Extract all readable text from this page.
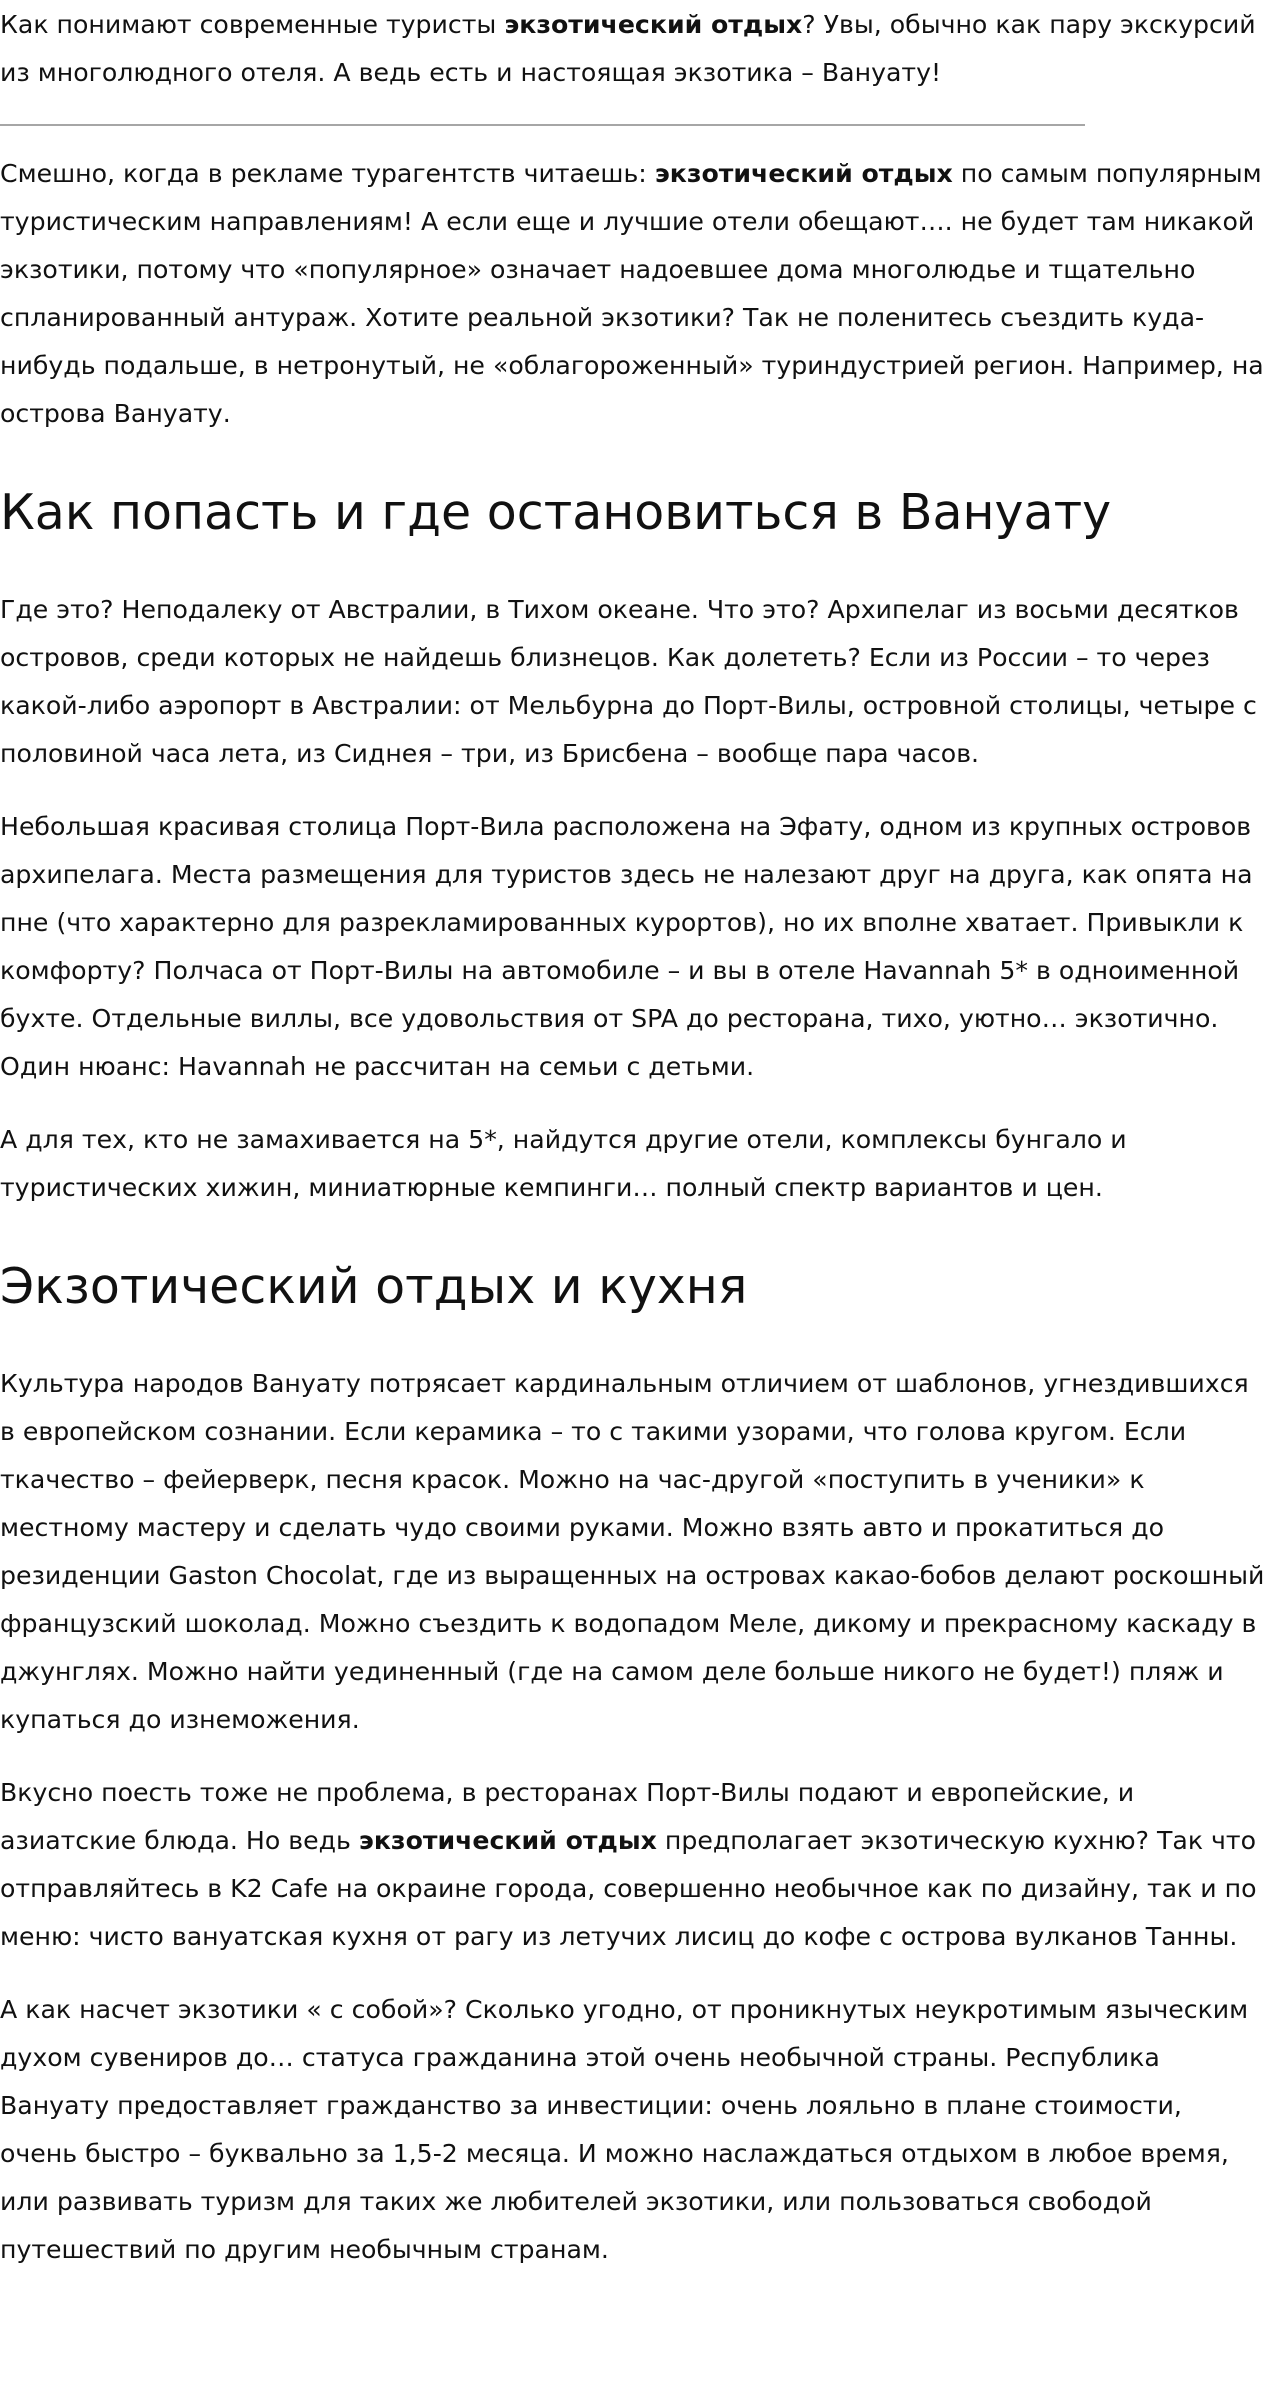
Как понимают современные туристы экзотический отдых? Увы, обычно как пару экскурсий из многолюдного отеля. А ведь есть и настоящая экзотика – Вануату!

Смешно, когда в рекламе турагентств читаешь: экзотический отдых по самым популярным туристическим направлениям! А если еще и лучшие отели обещают…. не будет там никакой экзотики, потому что «популярное» означает надоевшее дома многолюдье и тщательно спланированный антураж. Хотите реальной экзотики? Так не поленитесь съездить куда-нибудь подальше, в нетронутый, не «облагороженный» туриндустрией регион. Например, на острова Вануату.

Как попасть и где остановиться в Вануату

Где это? Неподалеку от Австралии, в Тихом океане. Что это? Архипелаг из восьми десятков островов, среди которых не найдешь близнецов. Как долететь? Если из России – то через какой-либо аэропорт в Австралии: от Мельбурна до Порт-Вилы, островной столицы, четыре с половиной часа лета, из Сиднея – три, из Брисбена – вообще пара часов.

Небольшая красивая столица Порт-Вила расположена на Эфату, одном из крупных островов архипелага. Места размещения для туристов здесь не налезают друг на друга, как опята на пне (что характерно для разрекламированных курортов), но их вполне хватает. Привыкли к комфорту? Полчаса от Порт-Вилы на автомобиле – и вы в отеле Havannah 5* в одноименной бухте. Отдельные виллы, все удовольствия от SPA до ресторана, тихо, уютно… экзотично. Один нюанс: Havannah не рассчитан на семьи с детьми.

А для тех, кто не замахивается на 5*, найдутся другие отели, комплексы бунгало и туристических хижин, миниатюрные кемпинги… полный спектр вариантов и цен.

Экзотический отдых и кухня

Культура народов Вануату потрясает кардинальным отличием от шаблонов, угнездившихся в европейском сознании. Если керамика – то с такими узорами, что голова кругом. Если ткачество – фейерверк, песня красок. Можно на час-другой «поступить в ученики» к местному мастеру и сделать чудо своими руками. Можно взять авто и прокатиться до резиденции Gaston Chocolat, где из выращенных на островах какао-бобов делают роскошный французский шоколад. Можно съездить к водопадом Меле, дикому и прекрасному каскаду в джунглях. Можно найти уединенный (где на самом деле больше никого не будет!) пляж и купаться до изнеможения.

Вкусно поесть тоже не проблема, в ресторанах Порт-Вилы подают и европейские, и азиатские блюда. Но ведь экзотический отдых предполагает экзотическую кухню? Так что отправляйтесь в K2 Cafe на окраине города, совершенно необычное как по дизайну, так и по меню: чисто вануатская кухня от рагу из летучих лисиц до кофе с острова вулканов Танны.

А как насчет экзотики « с собой»? Сколько угодно, от проникнутых неукротимым языческим духом сувениров до… статуса гражданина этой очень необычной страны. Республика Вануату предоставляет гражданство за инвестиции: очень лояльно в плане стоимости, очень быстро – буквально за 1,5-2 месяца. И можно наслаждаться отдыхом в любое время, или развивать туризм для таких же любителей экзотики, или пользоваться свободой путешествий по другим необычным странам.
